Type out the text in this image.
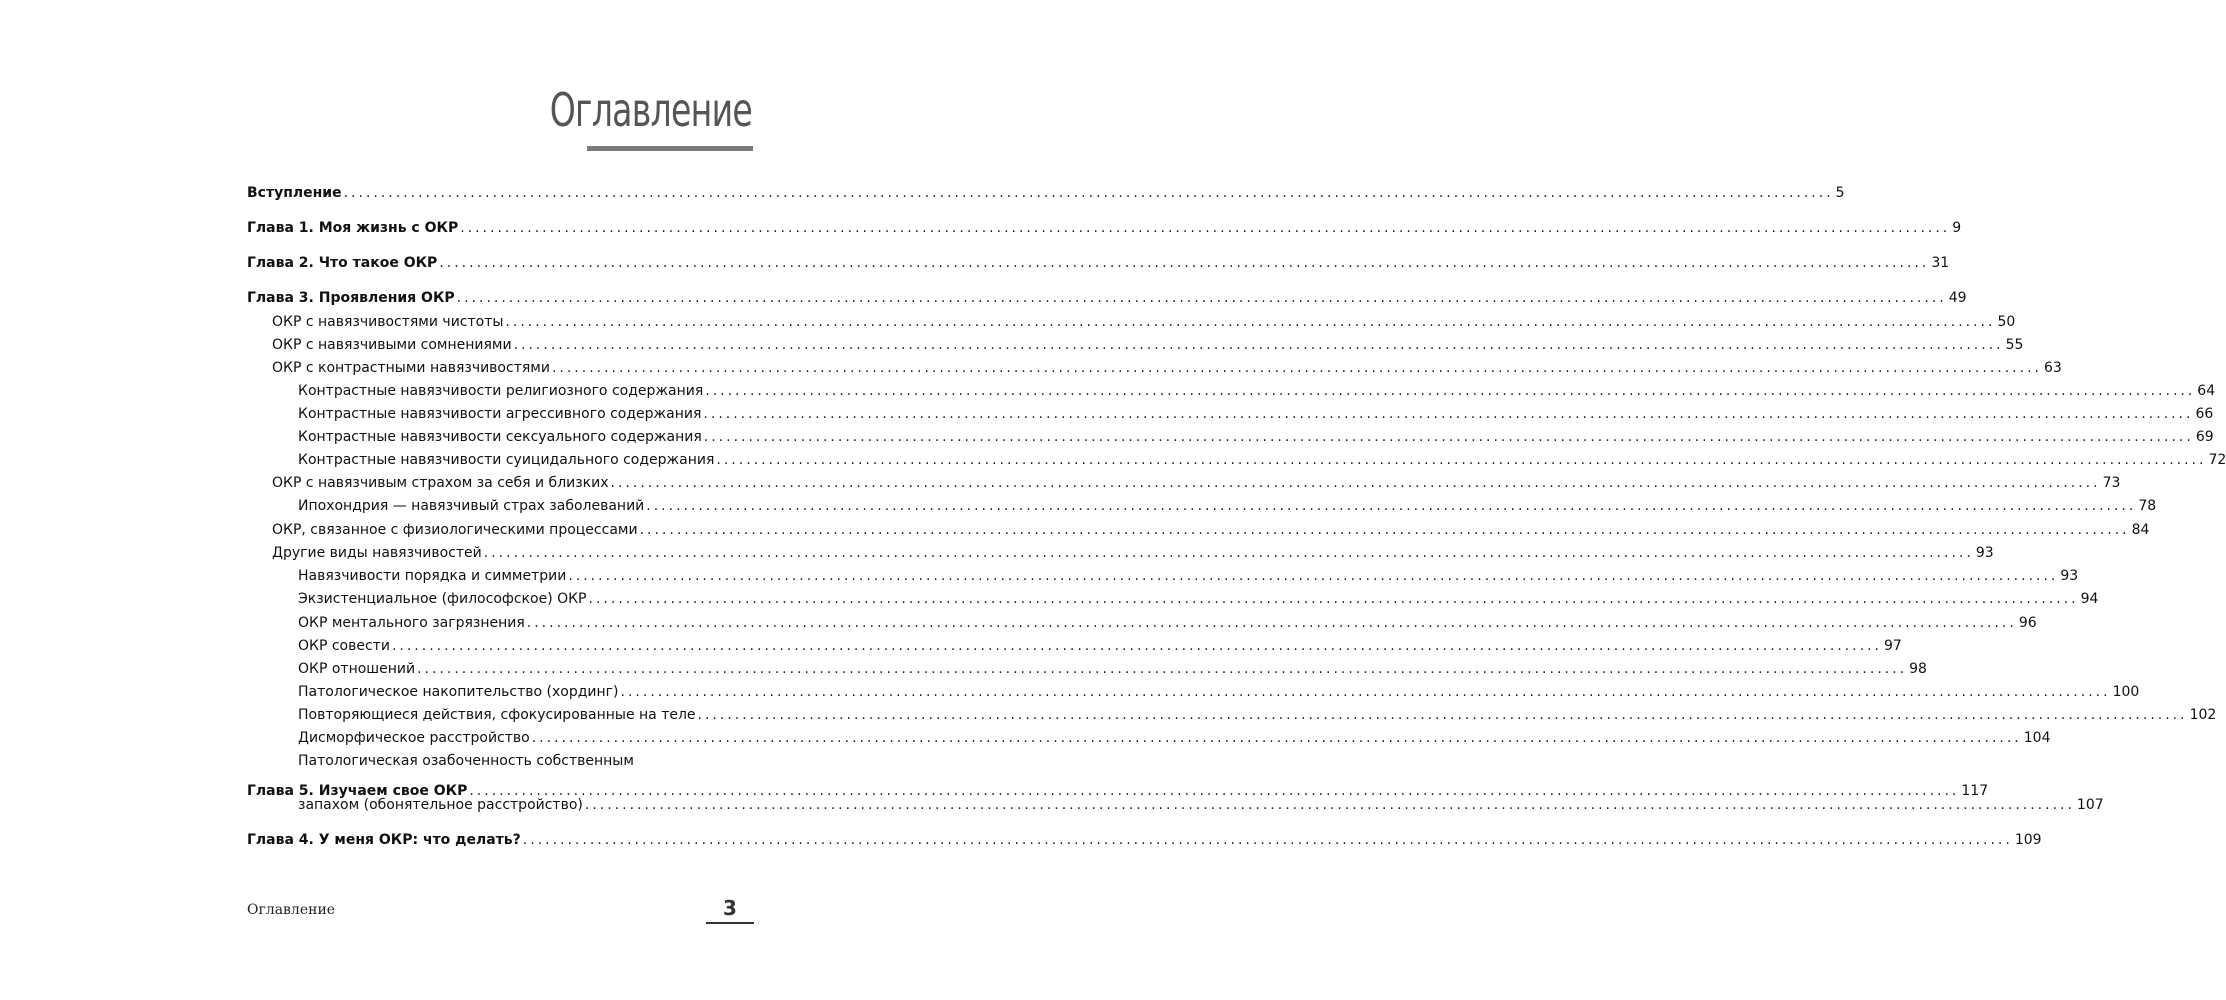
Оглавление
Вступление ........................................................................................................................................................................................................ 5
Глава 1. Моя жизнь с ОКР ........................................................................................................................................................................................................ 9
Глава 2. Что такое ОКР ........................................................................................................................................................................................................ 31
Глава 3. Проявления ОКР ........................................................................................................................................................................................................ 49
ОКР с навязчивостями чистоты ........................................................................................................................................................................................................ 50
ОКР с навязчивыми сомнениями ........................................................................................................................................................................................................ 55
ОКР с контрастными навязчивостями ........................................................................................................................................................................................................ 63
Контрастные навязчивости религиозного содержания ........................................................................................................................................................................................................ 64
Контрастные навязчивости агрессивного содержания ........................................................................................................................................................................................................ 66
Контрастные навязчивости сексуального содержания ........................................................................................................................................................................................................ 69
Контрастные навязчивости суицидального содержания ........................................................................................................................................................................................................ 72
ОКР с навязчивым страхом за себя и близких ........................................................................................................................................................................................................ 73
Ипохондрия — навязчивый страх заболеваний ........................................................................................................................................................................................................ 78
ОКР, связанное с физиологическими процессами ........................................................................................................................................................................................................ 84
Другие виды навязчивостей ........................................................................................................................................................................................................ 93
Навязчивости порядка и симметрии ........................................................................................................................................................................................................ 93
Экзистенциальное (философское) ОКР ........................................................................................................................................................................................................ 94
ОКР ментального загрязнения ........................................................................................................................................................................................................ 96
ОКР совести ........................................................................................................................................................................................................ 97
ОКР отношений ........................................................................................................................................................................................................ 98
Патологическое накопительство (хординг) ........................................................................................................................................................................................................ 100
Повторяющиеся действия, сфокусированные на теле ........................................................................................................................................................................................................ 102
Дисморфическое расстройство ........................................................................................................................................................................................................ 104
Патологическая озабоченность собственным
запахом (обонятельное расстройство) ........................................................................................................................................................................................................ 107
Глава 4. У меня ОКР: что делать? ........................................................................................................................................................................................................ 109
Глава 5. Изучаем свое ОКР ........................................................................................................................................................................................................ 117
Оглавление	3
